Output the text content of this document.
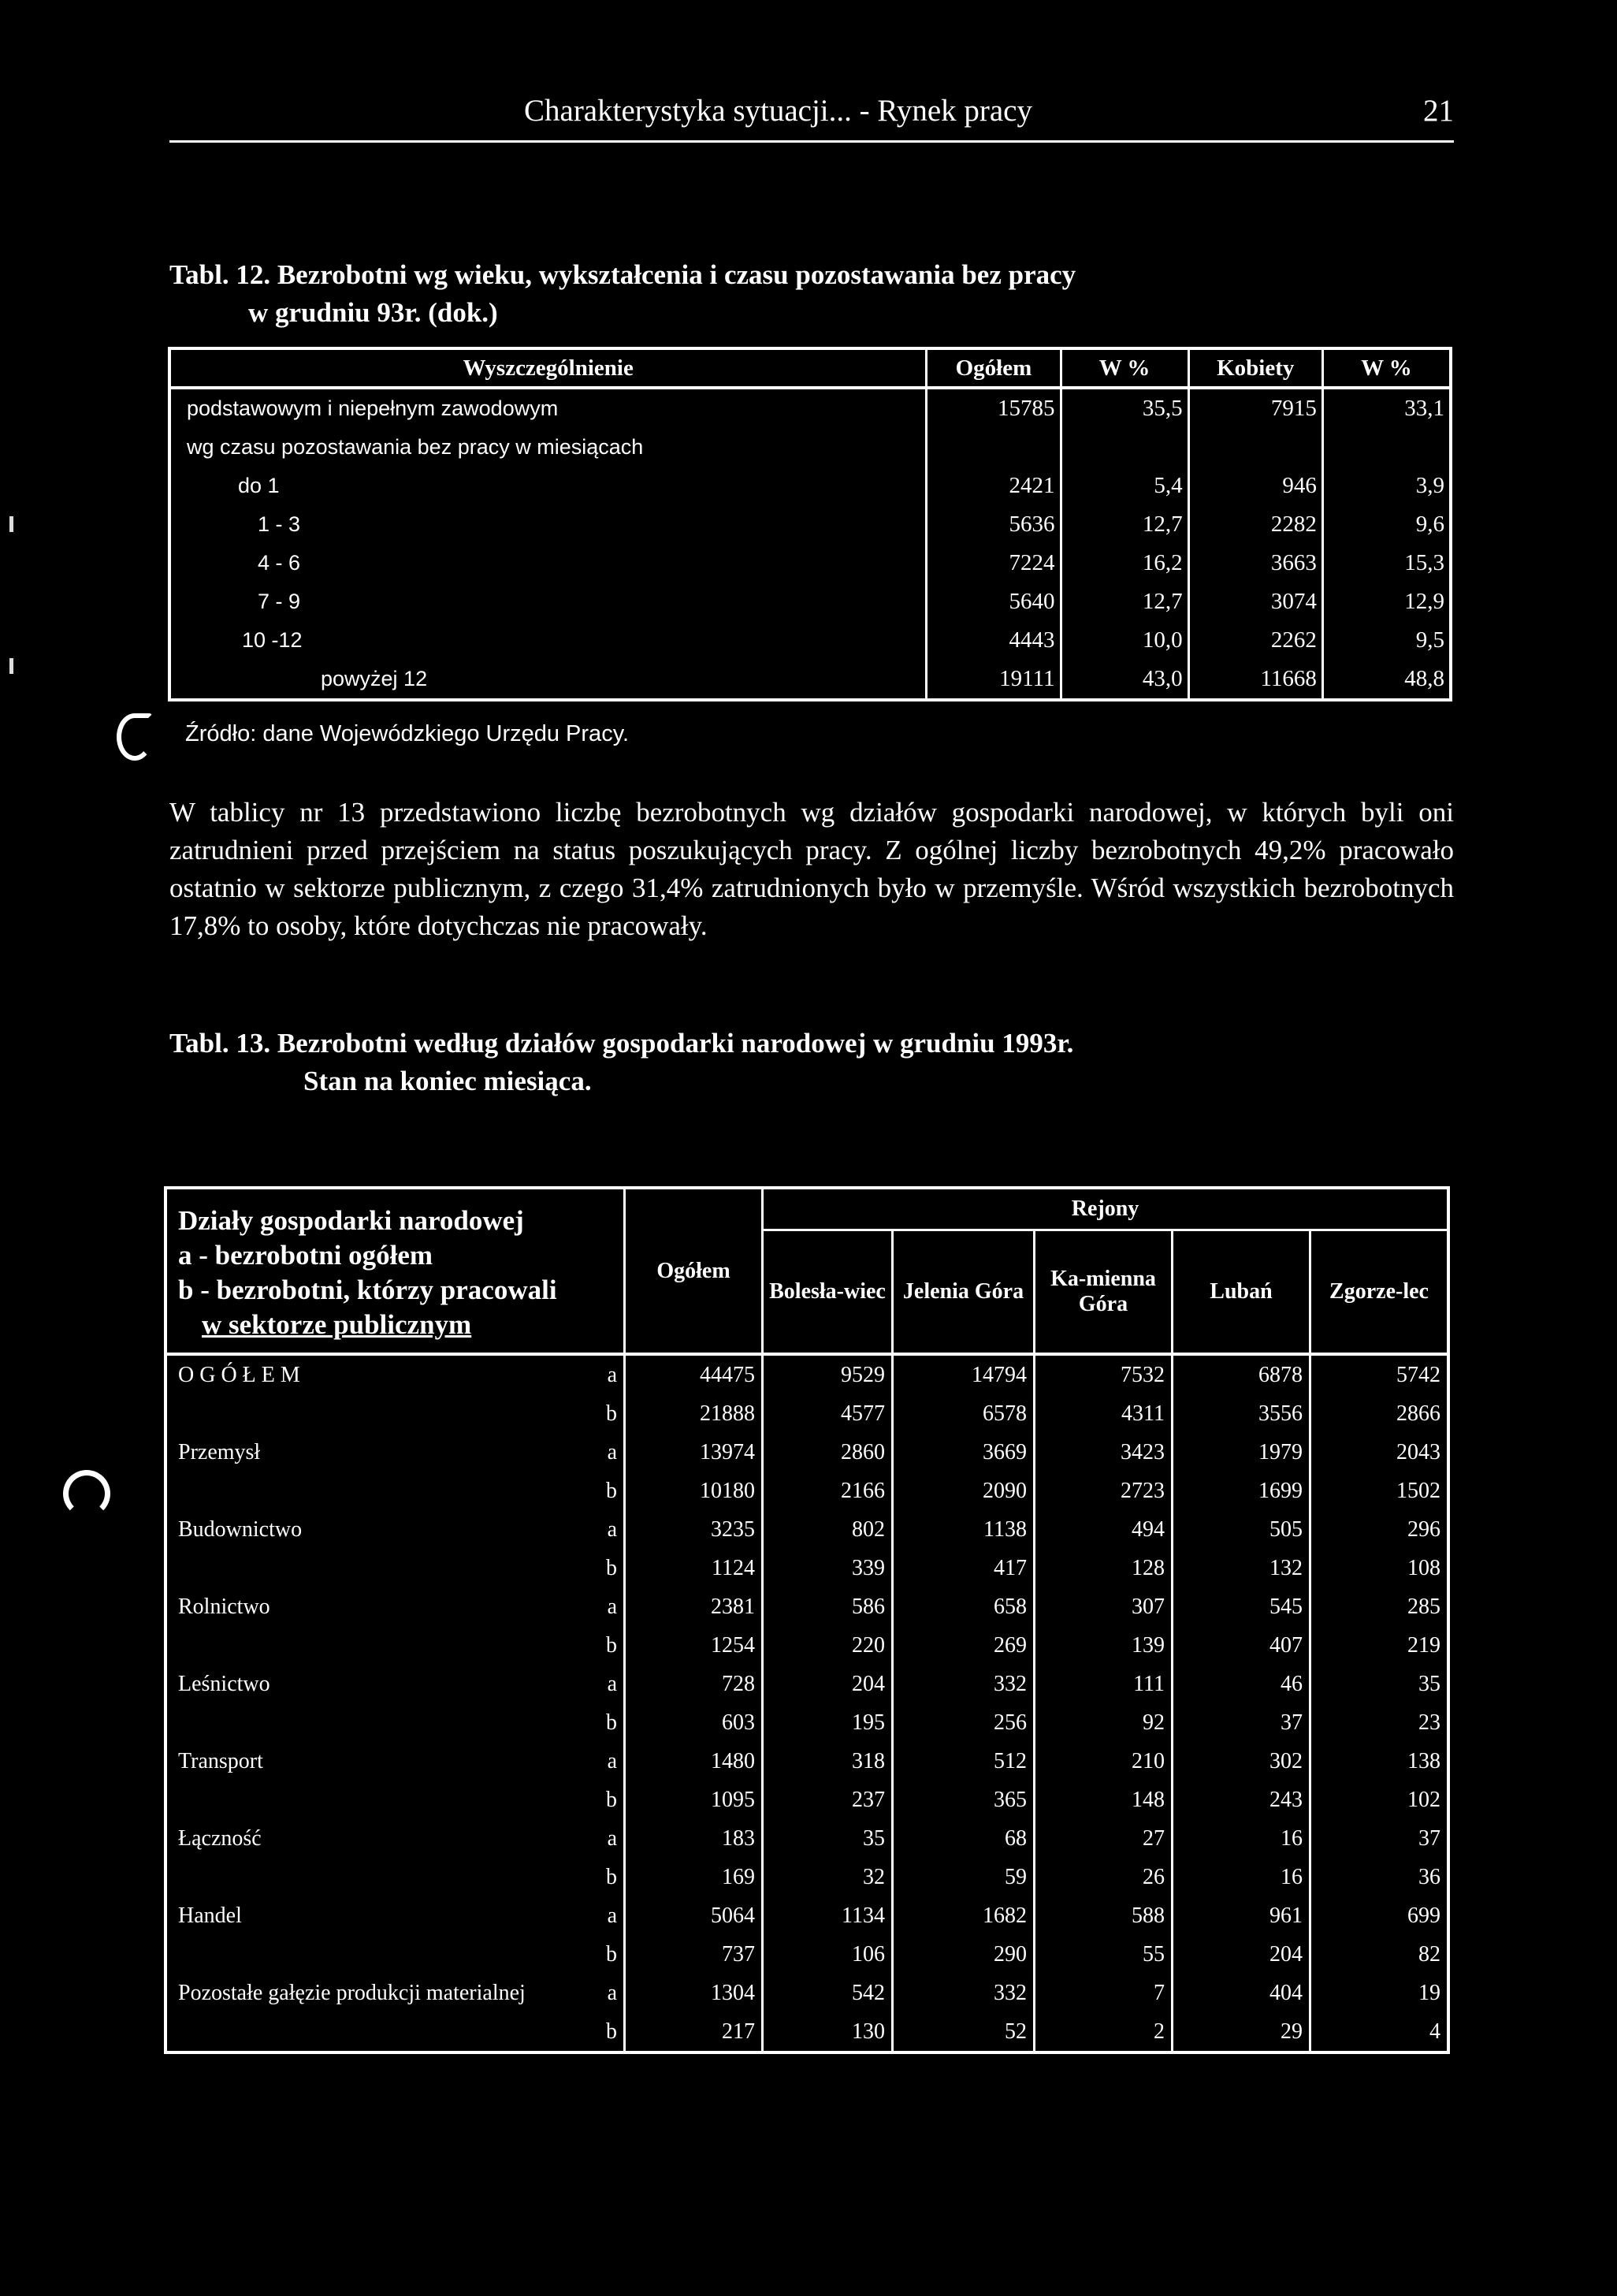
Charakterystyka sytuacji... - Rynek pracy	21
Tabl. 12. Bezrobotni wg wieku, wykształcenia i czasu pozostawania bez pracy
w grudniu 93r. (dok.)
Wyszczególnienie	Ogółem	W %	Kobiety	W %
podstawowym i niepełnym zawodowym	15785	35,5	7915	33,1
wg czasu pozostawania bez pracy w miesiącach				
do 1	2421	5,4	946	3,9
1 - 3	5636	12,7	2282	9,6
4 - 6	7224	16,2	3663	15,3
7 - 9	5640	12,7	3074	12,9
10 -12	4443	10,0	2262	9,5
powyżej 12	19111	43,0	11668	48,8
Źródło: dane Wojewódzkiego Urzędu Pracy.
W tablicy nr 13 przedstawiono liczbę bezrobotnych wg działów gospodarki narodowej, w których byli oni zatrudnieni przed przejściem na status poszukujących pracy. Z ogólnej liczby bezrobotnych 49,2% pracowało ostatnio w sektorze publicznym, z czego 31,4% zatrudnionych było w przemyśle. Wśród wszystkich bezrobotnych 17,8% to osoby, które dotychczas nie pracowały.
Tabl. 13. Bezrobotni według działów gospodarki narodowej w grudniu 1993r.
Stan na koniec miesiąca.
Działy gospodarki narodowej
a - bezrobotni ogółem
b - bezrobotni, którzy pracowali
w sektorze publicznym		Ogółem	Rejony				
			Bolesła-wiec	Jelenia Góra	Ka-mienna Góra	Lubań	Zgorze-lec
O G Ó Ł E M	a	44475	9529	14794	7532	6878	5742
	b	21888	4577	6578	4311	3556	2866
Przemysł	a	13974	2860	3669	3423	1979	2043
	b	10180	2166	2090	2723	1699	1502
Budownictwo	a	3235	802	1138	494	505	296
	b	1124	339	417	128	132	108
Rolnictwo	a	2381	586	658	307	545	285
	b	1254	220	269	139	407	219
Leśnictwo	a	728	204	332	111	46	35
	b	603	195	256	92	37	23
Transport	a	1480	318	512	210	302	138
	b	1095	237	365	148	243	102
Łączność	a	183	35	68	27	16	37
	b	169	32	59	26	16	36
Handel	a	5064	1134	1682	588	961	699
	b	737	106	290	55	204	82
Pozostałe gałęzie produkcji materialnej	a	1304	542	332	7	404	19
	b	217	130	52	2	29	4
